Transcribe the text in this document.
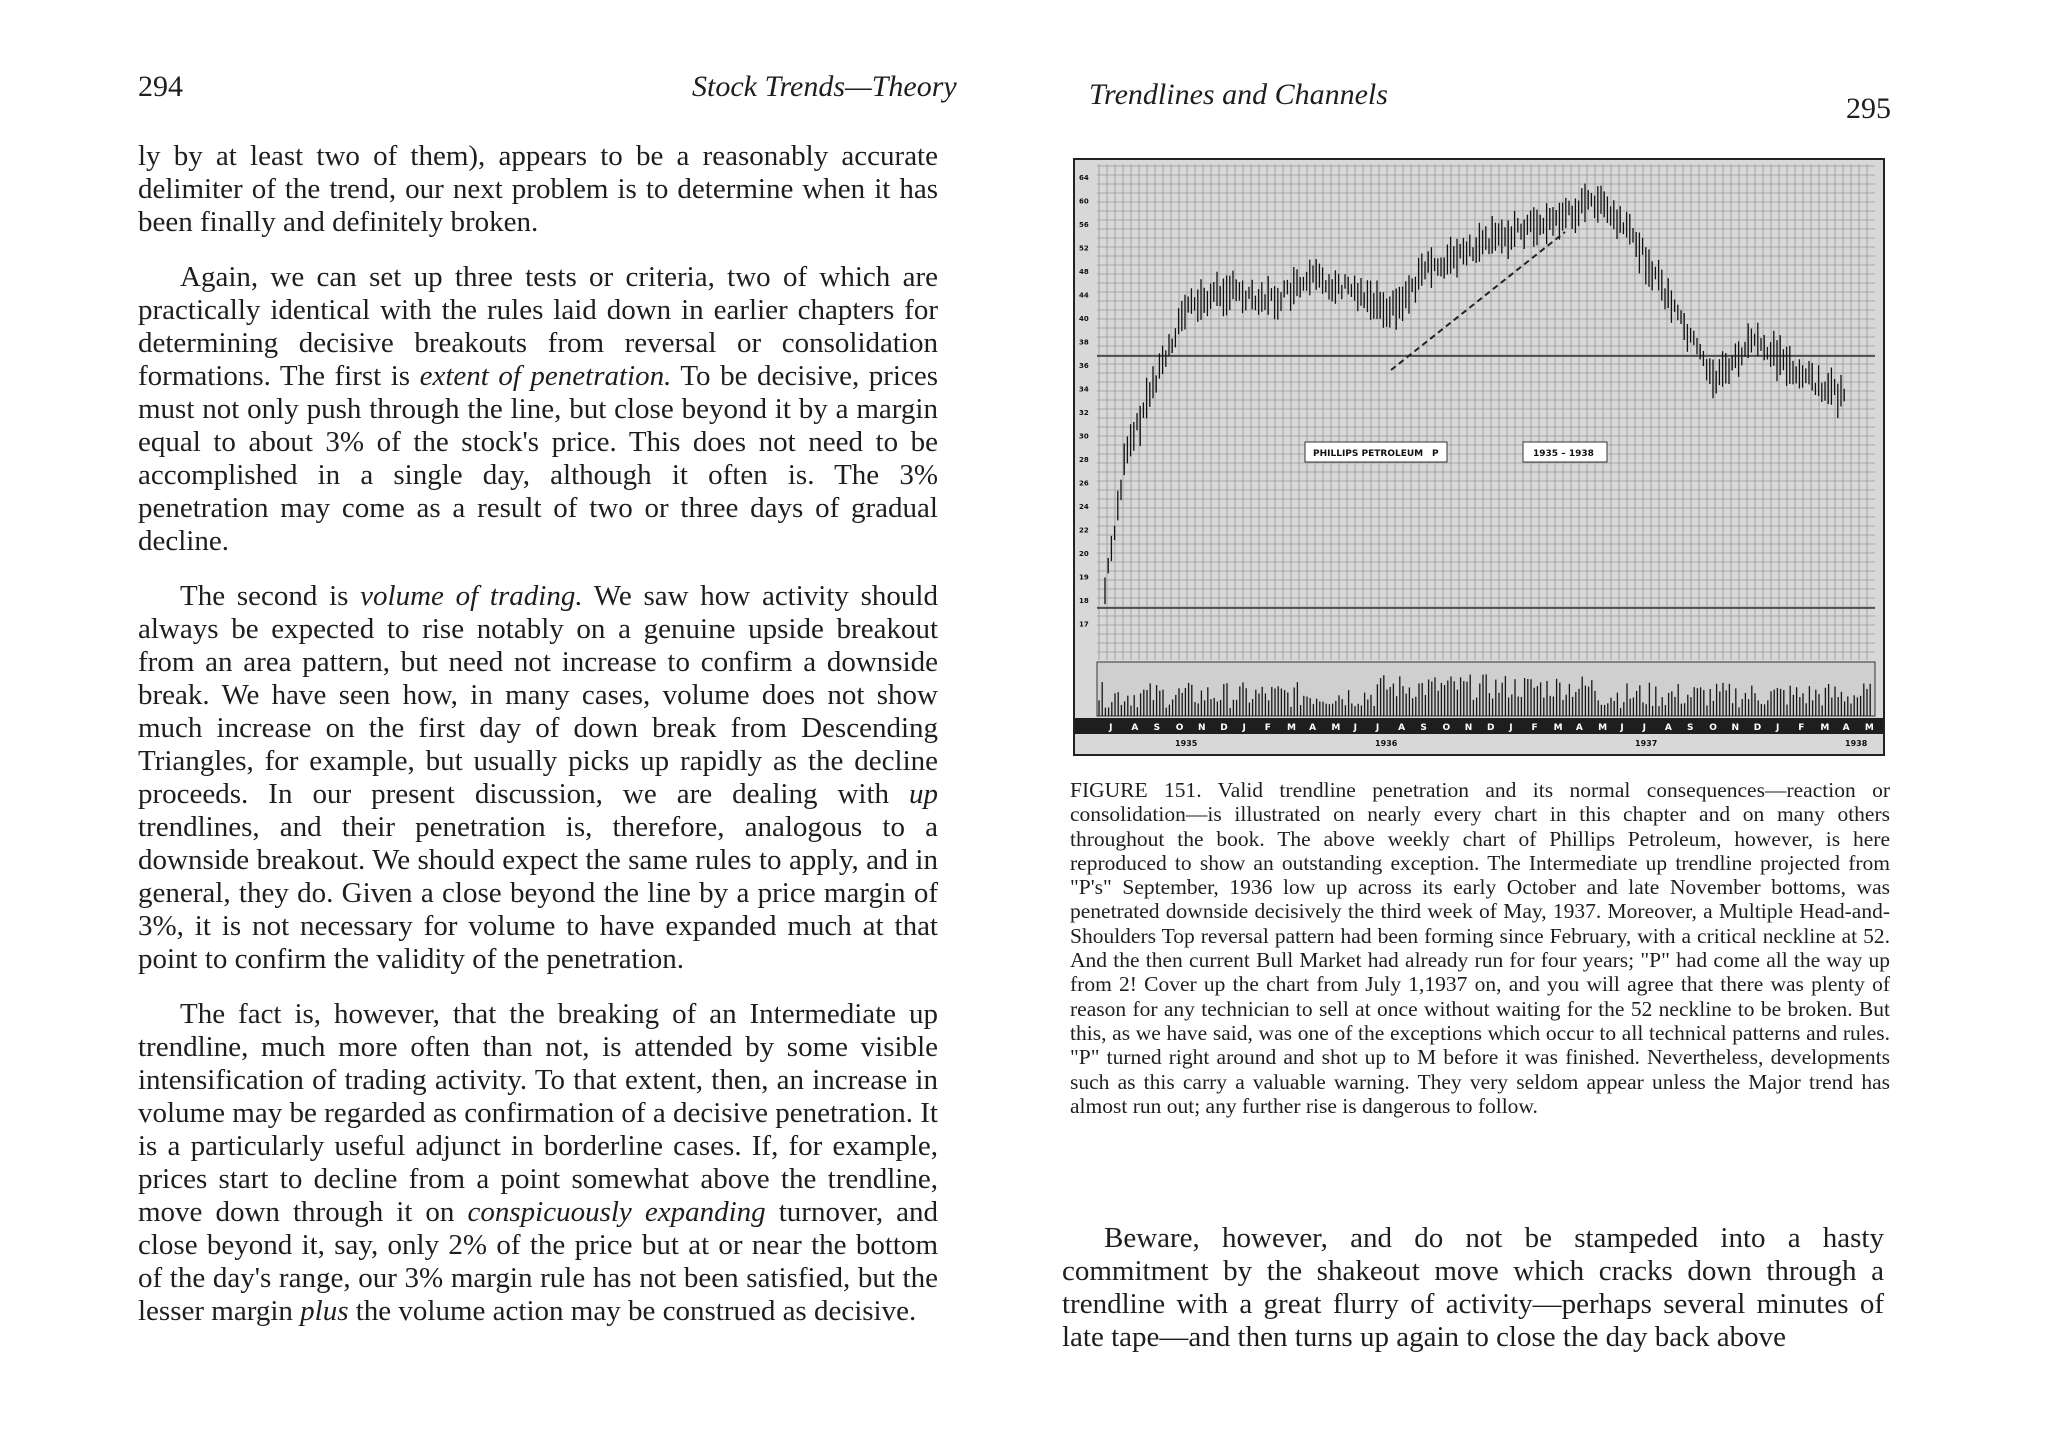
294	Stock Trends—Theory

ly by at least two of them), appears to be a reasonably accurate delimiter of the trend, our next problem is to determine when it has been finally and definitely broken.

Again, we can set up three tests or criteria, two of which are practically identical with the rules laid down in earlier chapters for determining decisive breakouts from reversal or consolidation formations. The first is extent of penetration. To be decisive, prices must not only push through the line, but close beyond it by a margin equal to about 3% of the stock's price. This does not need to be accomplished in a single day, although it often is. The 3% penetration may come as a result of two or three days of gradual decline.

The second is volume of trading. We saw how activity should always be expected to rise notably on a genuine upside breakout from an area pattern, but need not increase to confirm a downside break. We have seen how, in many cases, volume does not show much increase on the first day of down break from Descending Triangles, for example, but usually picks up rapidly as the decline proceeds. In our present discussion, we are dealing with up trendlines, and their penetration is, therefore, analogous to a downside breakout. We should expect the same rules to apply, and in general, they do. Given a close beyond the line by a price margin of 3%, it is not necessary for volume to have expanded much at that point to confirm the validity of the penetration.

The fact is, however, that the breaking of an Intermediate up trendline, much more often than not, is attended by some visible intensification of trading activity. To that extent, then, an increase in volume may be regarded as confirmation of a decisive penetration. It is a particularly useful adjunct in borderline cases. If, for example, prices start to decline from a point somewhat above the trendline, move down through it on conspicuously expanding turnover, and close beyond it, say, only 2% of the price but at or near the bottom of the day's range, our 3% margin rule has not been satisfied, but the lesser margin plus the volume action may be construed as decisive.

Trendlines and Channels	295
64
60
56
52
48
44
40
38
36
34
32
30
28
26
24
22
20
19
18
17
PHILLIPS PETROLEUM P	1935 – 1938
J A S O N D J F M A M J J A S O N D J F M A M J J A S O N D J F M A M
1935	1936	1937	1938

FIGURE 151. Valid trendline penetration and its normal consequences—reaction or consolidation—is illustrated on nearly every chart in this chapter and on many others throughout the book. The above weekly chart of Phillips Petroleum, however, is here reproduced to show an outstanding exception. The Intermediate up trendline projected from "P's" September, 1936 low up across its early October and late November bottoms, was penetrated downside decisively the third week of May, 1937. Moreover, a Multiple Head-and-Shoulders Top reversal pattern had been forming since February, with a critical neckline at 52. And the then current Bull Market had already run for four years; "P" had come all the way up from 2! Cover up the chart from July 1,1937 on, and you will agree that there was plenty of reason for any technician to sell at once without waiting for the 52 neckline to be broken. But this, as we have said, was one of the exceptions which occur to all technical patterns and rules. "P" turned right around and shot up to M before it was finished. Nevertheless, developments such as this carry a valuable warning. They very seldom appear unless the Major trend has almost run out; any further rise is dangerous to follow.

Beware, however, and do not be stampeded into a hasty commitment by the shakeout move which cracks down through a trendline with a great flurry of activity—perhaps several minutes of late tape—and then turns up again to close the day back above
